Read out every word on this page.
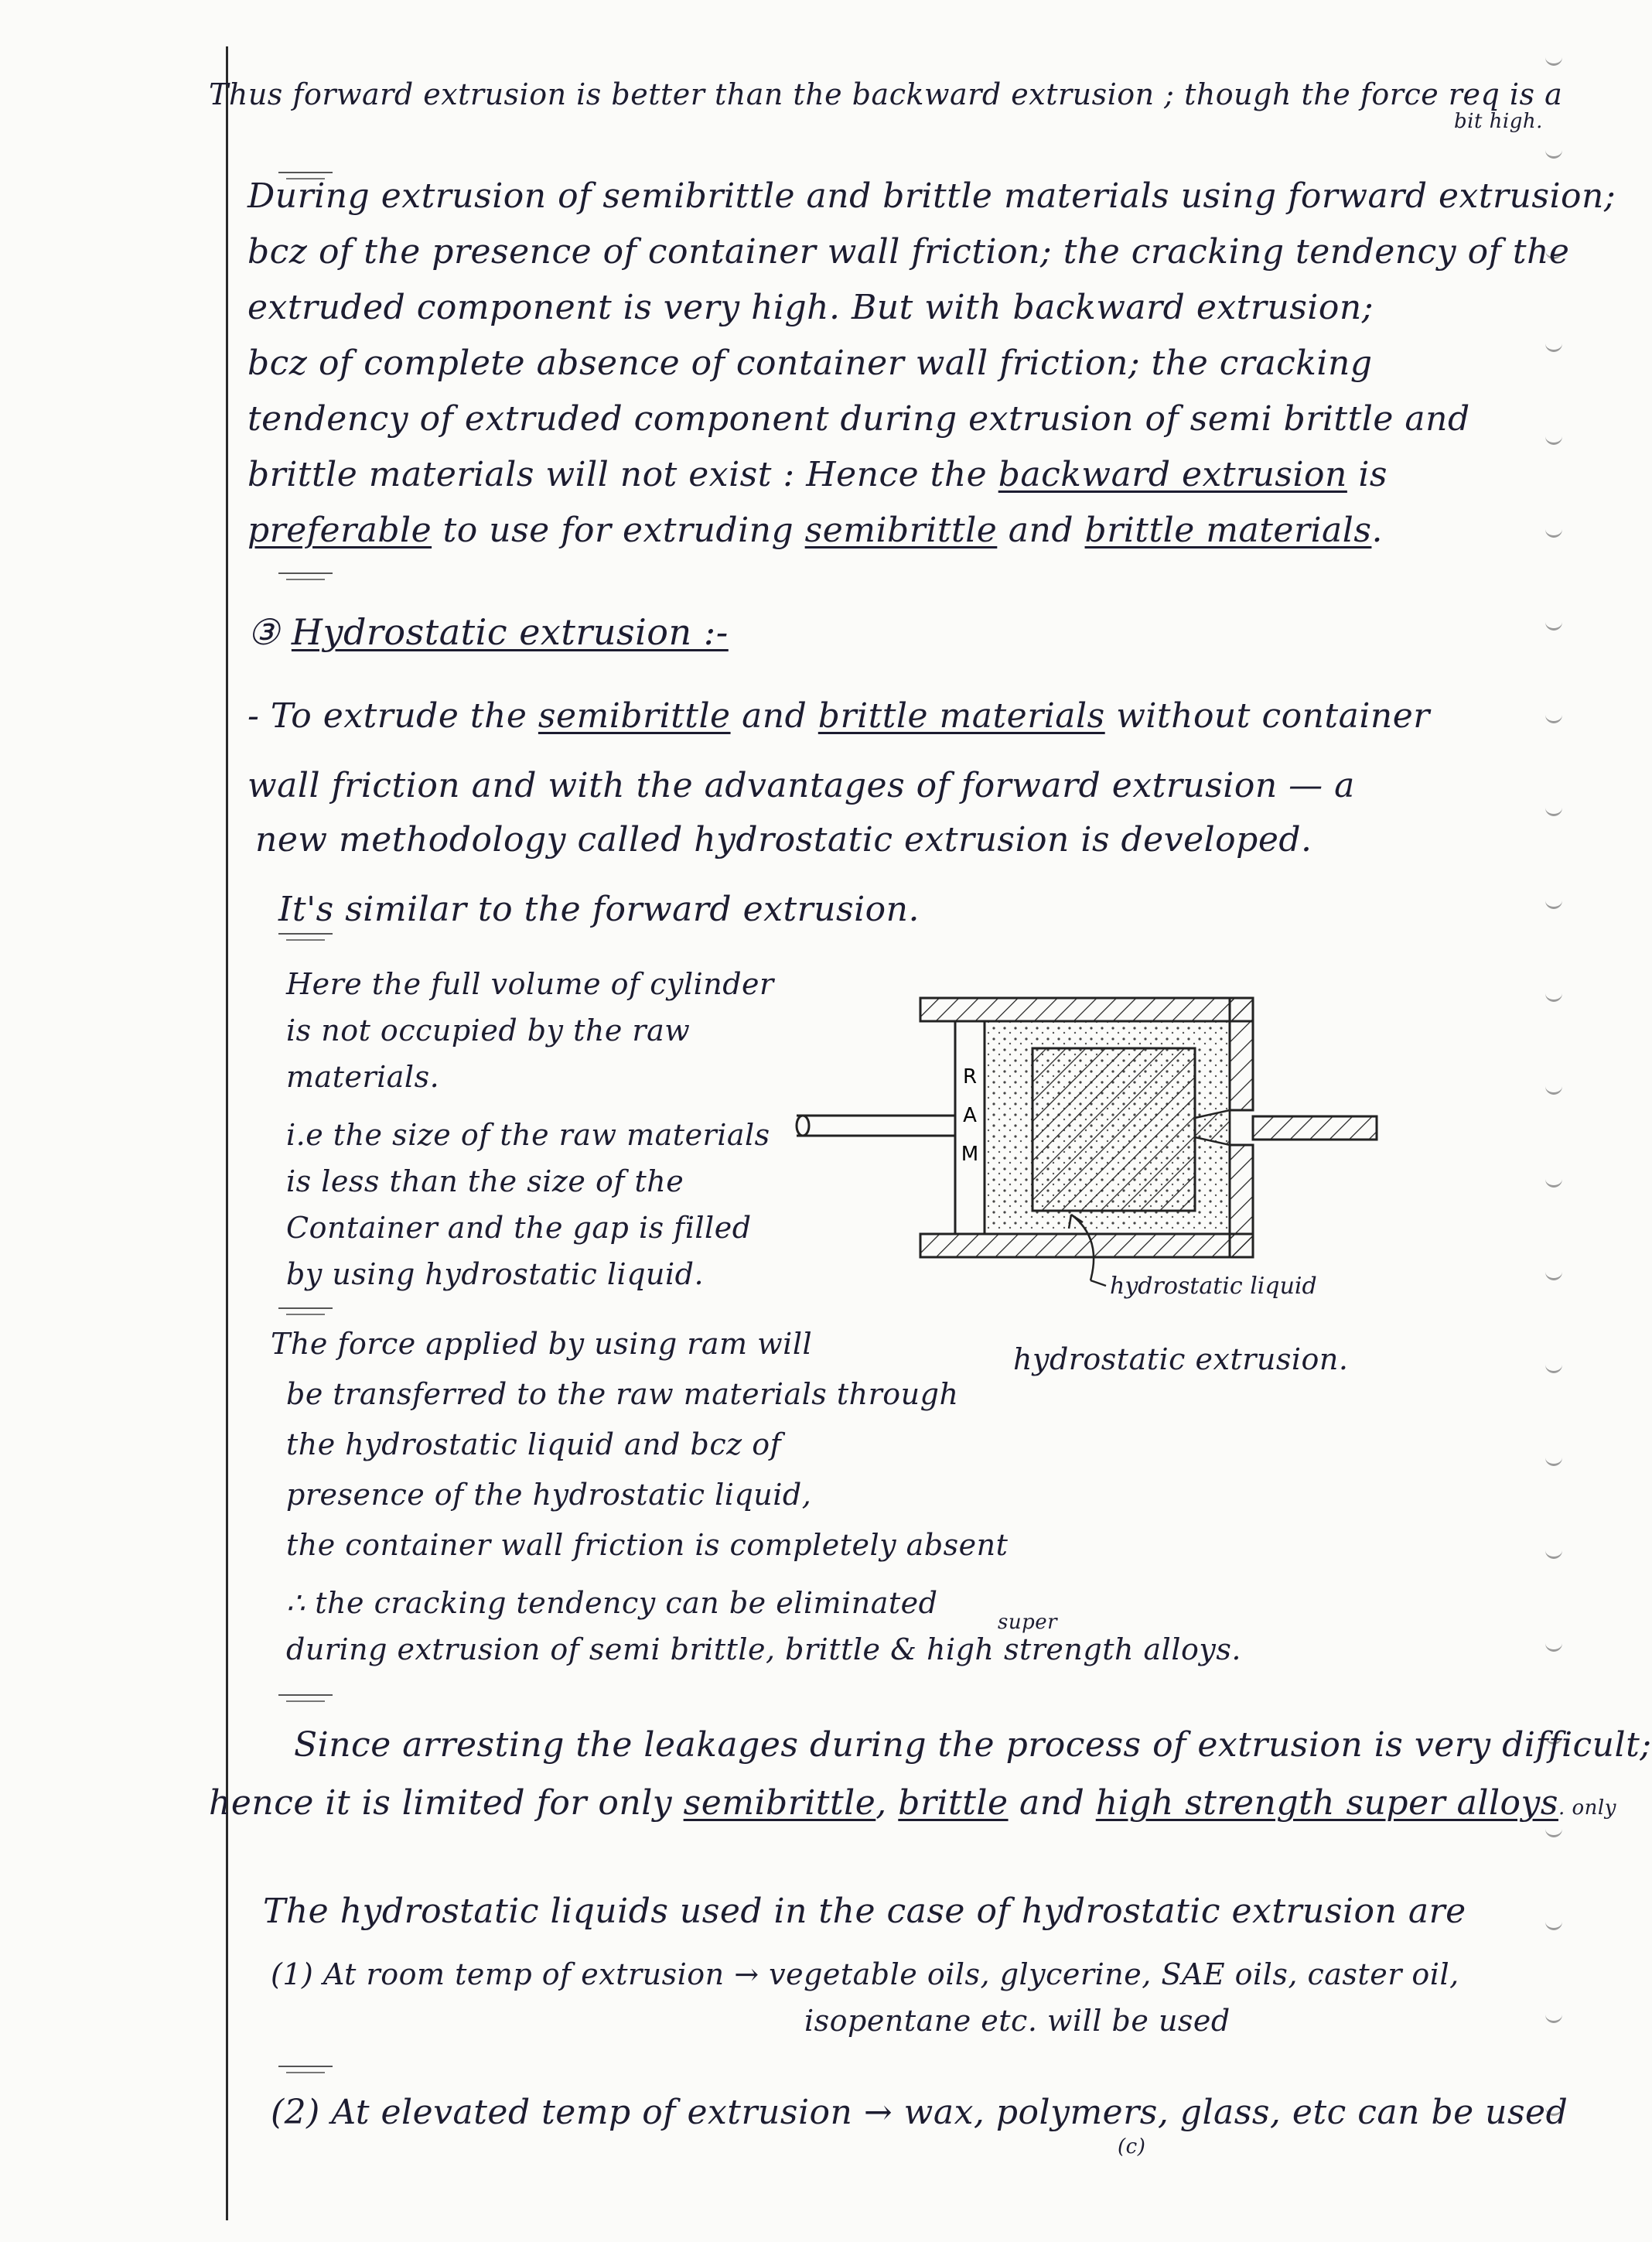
Thus forward extrusion is better than the backward extrusion ; though the force req is a
bit high.
During extrusion of semibrittle and brittle materials using forward extrusion;
bcz of the presence of container wall friction; the cracking tendency of the
extruded component is very high. But with backward extrusion;
bcz of complete absence of container wall friction; the cracking
tendency of extruded component during extrusion of semi brittle and
brittle materials will not exist : Hence the backward extrusion is
preferable to use for extruding semibrittle and brittle materials.
③ Hydrostatic extrusion :-
- To extrude the semibrittle and brittle materials without container
wall friction and with the advantages of forward extrusion — a
new methodology called hydrostatic extrusion is developed.
It's similar to the forward extrusion.
Here the full volume of cylinder
is not occupied by the raw
materials.
i.e the size of the raw materials
is less than the size of the
Container and the gap is filled
by using hydrostatic liquid.
R
A
M
hydrostatic liquid
hydrostatic extrusion.
The force applied by using ram will
be transferred to the raw materials through
the hydrostatic liquid and bcz of
presence of the hydrostatic liquid,
the container wall friction is completely absent
∴ the cracking tendency can be eliminated
super
during extrusion of semi brittle, brittle & high strength alloys.
Since arresting the leakages during the process of extrusion is very difficult;
hence it is limited for only semibrittle, brittle and high strength super alloys. only
The hydrostatic liquids used in the case of hydrostatic extrusion are
(1) At room temp of extrusion → vegetable oils, glycerine, SAE oils, caster oil,
isopentane etc. will be used
(2) At elevated temp of extrusion → wax, polymers, glass, etc can be used
(c)
